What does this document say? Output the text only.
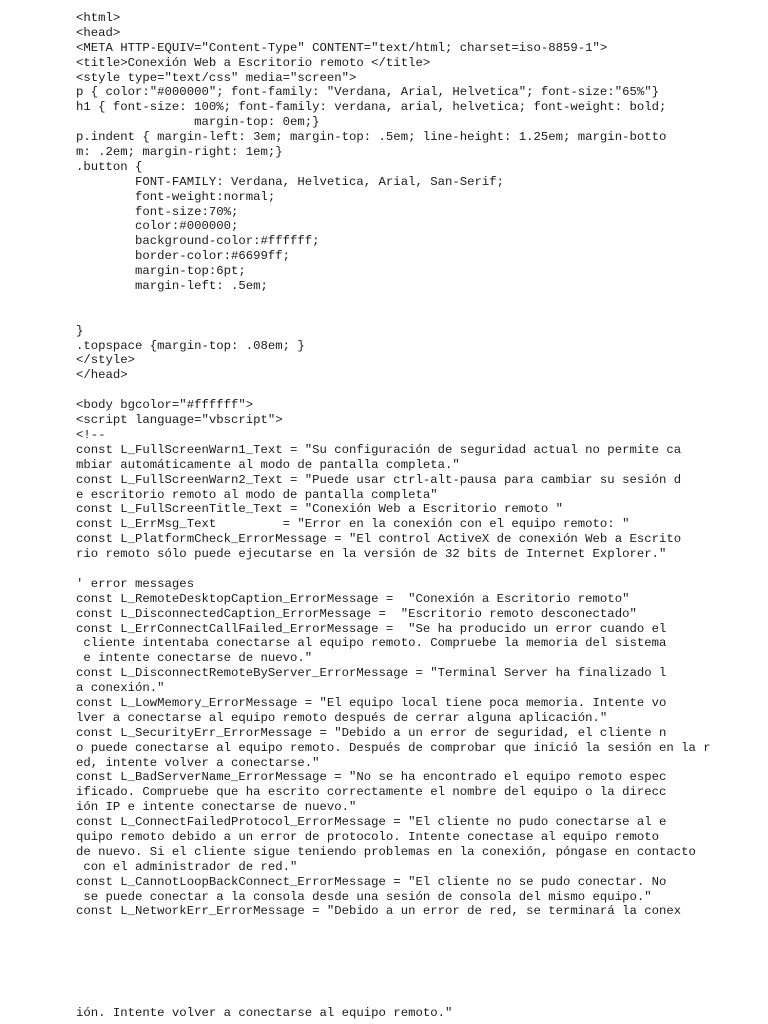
<html>
<head>
<META HTTP-EQUIV="Content-Type" CONTENT="text/html; charset=iso-8859-1">
<title>Conexión Web a Escritorio remoto </title>
<style type="text/css" media="screen">
p { color:"#000000"; font-family: "Verdana, Arial, Helvetica"; font-size:"65%"}
h1 { font-size: 100%; font-family: verdana, arial, helvetica; font-weight: bold;
margin-top: 0em;}
p.indent { margin-left: 3em; margin-top: .5em; line-height: 1.25em; margin-botto
m: .2em; margin-right: 1em;}
.button {
FONT-FAMILY: Verdana, Helvetica, Arial, San-Serif;
font-weight:normal;
font-size:70%;
color:#000000;
background-color:#ffffff;
border-color:#6699ff;
margin-top:6pt;
margin-left: .5em;
}
.topspace {margin-top: .08em; }
</style>
</head>
<body bgcolor="#ffffff">
<script language="vbscript">
<!--
const L_FullScreenWarn1_Text = "Su configuración de seguridad actual no permite ca
mbiar automáticamente al modo de pantalla completa."
const L_FullScreenWarn2_Text = "Puede usar ctrl-alt-pausa para cambiar su sesión d
e escritorio remoto al modo de pantalla completa"
const L_FullScreenTitle_Text = "Conexión Web a Escritorio remoto "
const L_ErrMsg_Text         = "Error en la conexión con el equipo remoto: "
const L_PlatformCheck_ErrorMessage = "El control ActiveX de conexión Web a Escrito
rio remoto sólo puede ejecutarse en la versión de 32 bits de Internet Explorer."
' error messages
const L_RemoteDesktopCaption_ErrorMessage =  "Conexión a Escritorio remoto"
const L_DisconnectedCaption_ErrorMessage =  "Escritorio remoto desconectado"
const L_ErrConnectCallFailed_ErrorMessage =  "Se ha producido un error cuando el
cliente intentaba conectarse al equipo remoto. Compruebe la memoria del sistema
e intente conectarse de nuevo."
const L_DisconnectRemoteByServer_ErrorMessage = "Terminal Server ha finalizado l
a conexión."
const L_LowMemory_ErrorMessage = "El equipo local tiene poca memoria. Intente vo
lver a conectarse al equipo remoto después de cerrar alguna aplicación."
const L_SecurityErr_ErrorMessage = "Debido a un error de seguridad, el cliente n
o puede conectarse al equipo remoto. Después de comprobar que inició la sesión en la r
ed, intente volver a conectarse."
const L_BadServerName_ErrorMessage = "No se ha encontrado el equipo remoto espec
ificado. Compruebe que ha escrito correctamente el nombre del equipo o la direcc
ión IP e intente conectarse de nuevo."
const L_ConnectFailedProtocol_ErrorMessage = "El cliente no pudo conectarse al e
quipo remoto debido a un error de protocolo. Intente conectase al equipo remoto
de nuevo. Si el cliente sigue teniendo problemas en la conexión, póngase en contacto
con el administrador de red."
const L_CannotLoopBackConnect_ErrorMessage = "El cliente no se pudo conectar. No
se puede conectar a la consola desde una sesión de consola del mismo equipo."
const L_NetworkErr_ErrorMessage = "Debido a un error de red, se terminará la conex
ión. Intente volver a conectarse al equipo remoto."
